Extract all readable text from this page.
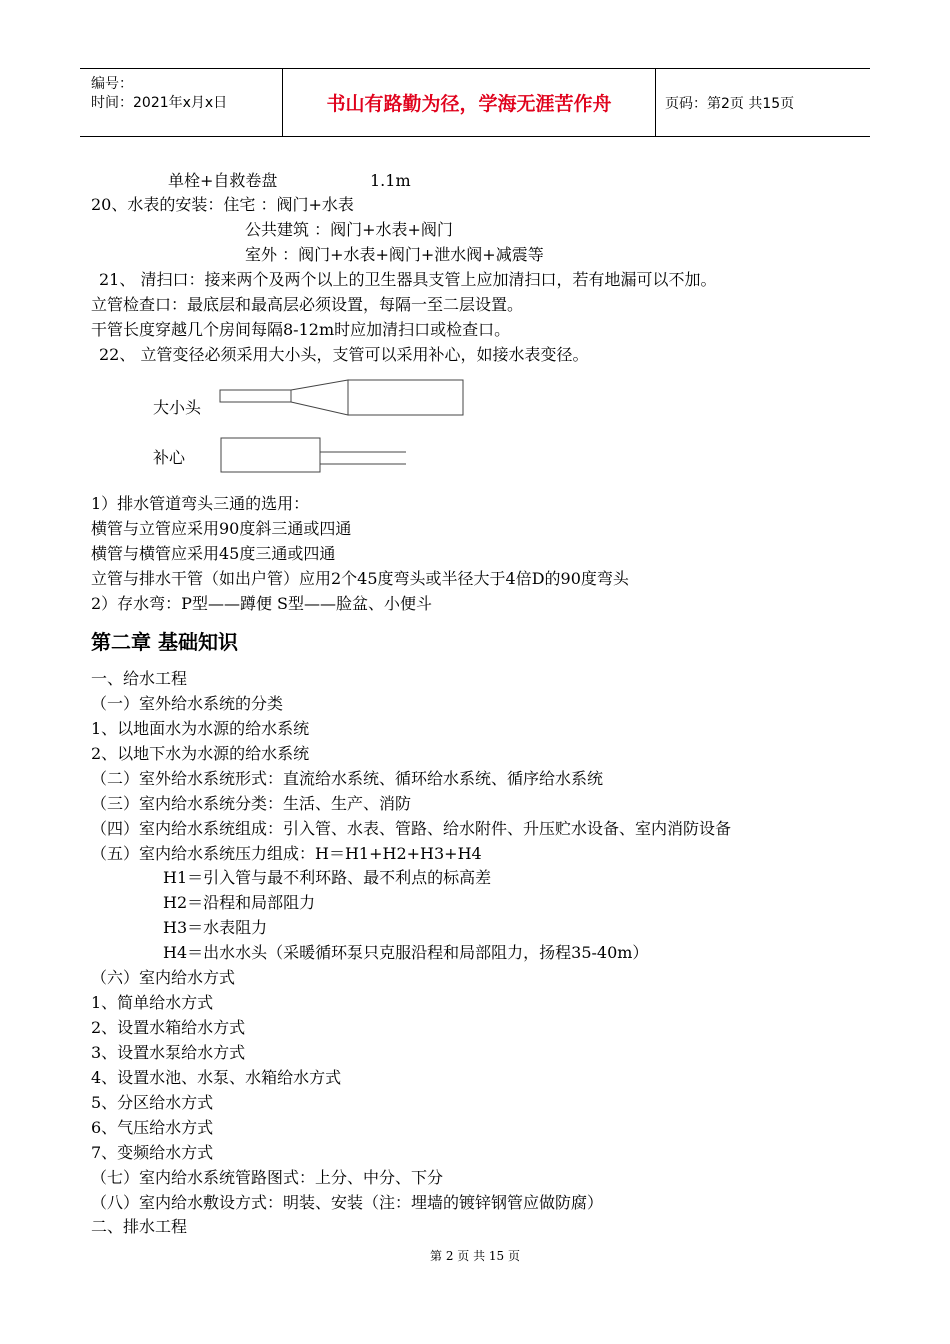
编号：
时间：2021年x月x日	书山有路勤为径，学海无涯苦作舟	页码：第2页 共15页
单栓+自救卷盘	1.1m
20、水表的安装：住宅 ：阀门+水表
公共建筑 ：阀门+水表+阀门
室外 ：阀门+水表+阀门+泄水阀+减震等
21、 清扫口：接来两个及两个以上的卫生器具支管上应加清扫口，若有地漏可以不加。
立管检查口：最底层和最高层必须设置，每隔一至二层设置。
干管长度穿越几个房间每隔8-12m时应加清扫口或检查口。
22、 立管变径必须采用大小头，支管可以采用补心，如接水表变径。
大小头
补心
1）排水管道弯头三通的选用：
横管与立管应采用90度斜三通或四通
横管与横管应采用45度三通或四通
立管与排水干管（如出户管）应用2个45度弯头或半径大于4倍D的90度弯头
2）存水弯：P型——蹲便 S型——脸盆、小便斗
第二章 基础知识
一、给水工程
（一）室外给水系统的分类
1、以地面水为水源的给水系统
2、以地下水为水源的给水系统
（二）室外给水系统形式：直流给水系统、循环给水系统、循序给水系统
（三）室内给水系统分类：生活、生产、消防
（四）室内给水系统组成：引入管、水表、管路、给水附件、升压贮水设备、室内消防设备
（五）室内给水系统压力组成：H＝H1+H2+H3+H4
H1＝引入管与最不利环路、最不利点的标高差
H2＝沿程和局部阻力
H3＝水表阻力
H4＝出水水头（采暖循环泵只克服沿程和局部阻力，扬程35-40m）
（六）室内给水方式
1、简单给水方式
2、设置水箱给水方式
3、设置水泵给水方式
4、设置水池、水泵、水箱给水方式
5、分区给水方式
6、气压给水方式
7、变频给水方式
（七）室内给水系统管路图式：上分、中分、下分
（八）室内给水敷设方式：明装、安装（注：埋墙的镀锌钢管应做防腐）
二、排水工程
第 2 页 共 15 页
